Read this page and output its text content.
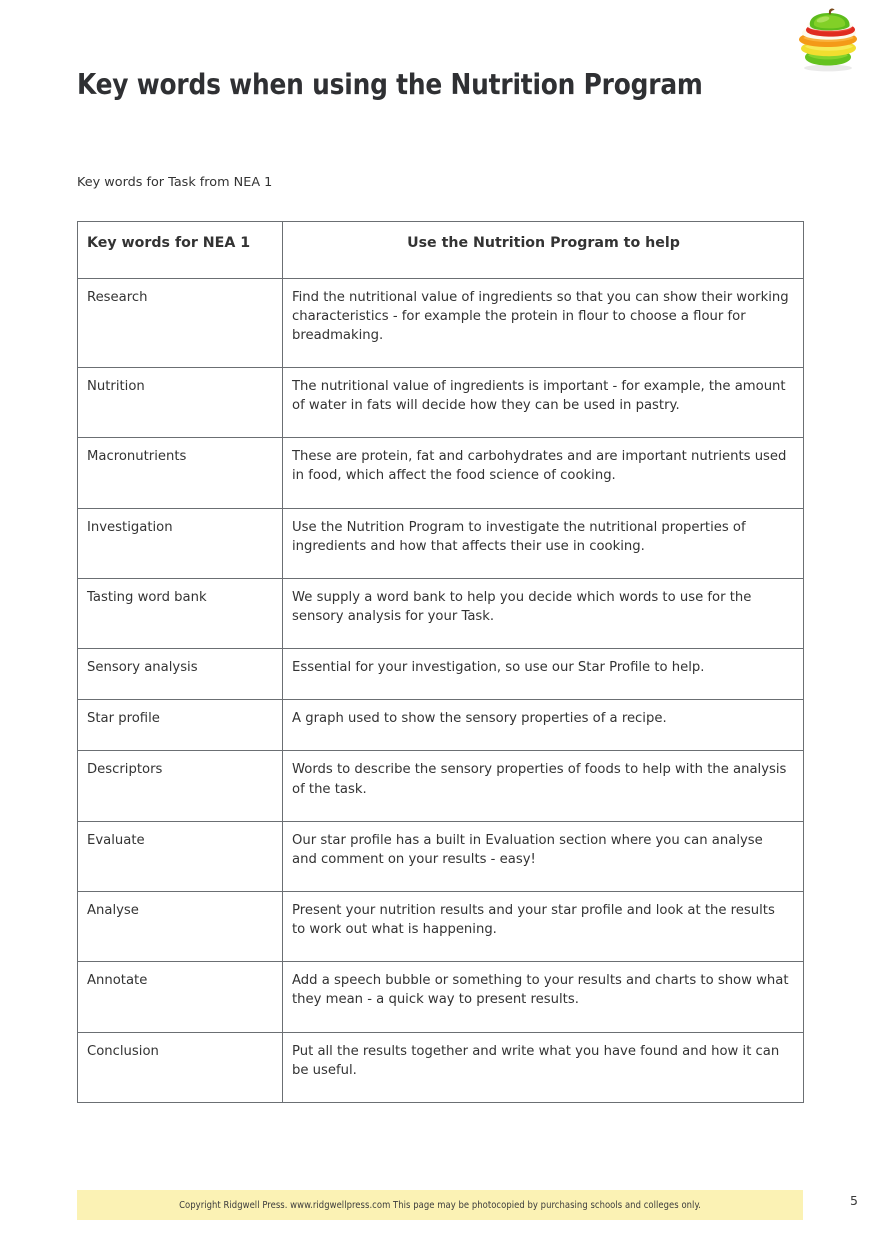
Key words when using the Nutrition Program
Key words for Task from NEA 1
Key words for NEA 1	Use the Nutrition Program to help
Research	Find the nutritional value of ingredients so that you can show their working characteristics - for example the protein in flour to choose a flour for breadmaking.
Nutrition	The nutritional value of ingredients is important - for example, the amount of water in fats will decide how they can be used in pastry.
Macronutrients	These are protein, fat and carbohydrates and are important nutrients used in food, which affect the food science of cooking.
Investigation	Use the Nutrition Program to investigate the nutritional properties of ingredients and how that affects their use in cooking.
Tasting word bank	We supply a word bank to help you decide which words to use for the sensory analysis for your Task.
Sensory analysis	Essential for your investigation, so use our Star Profile to help.
Star profile	A graph used to show the sensory properties of a recipe.
Descriptors	Words to describe the sensory properties of foods to help with the analysis of the task.
Evaluate	Our star profile has a built in Evaluation section where you can analyse and comment on your results - easy!
Analyse	Present your nutrition results and your star profile and look at the results to work out what is happening.
Annotate	Add a speech bubble or something to your results and charts to show what they mean - a quick way to present results.
Conclusion	Put all the results together and write what you have found and how it can be useful.
Copyright Ridgwell Press. www.ridgwellpress.com This page may be photocopied by purchasing schools and colleges only.	5
